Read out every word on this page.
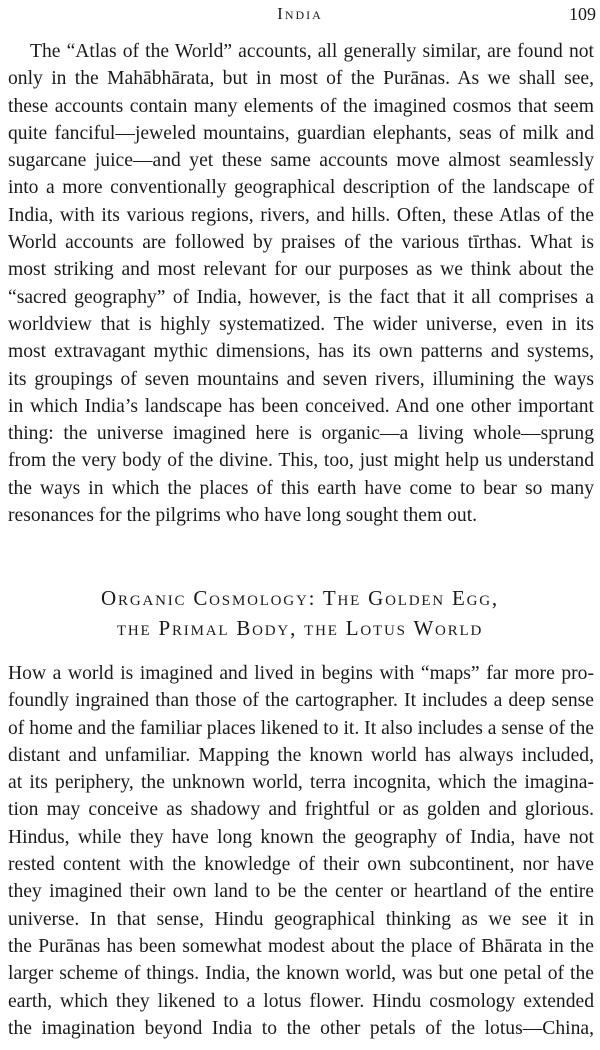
India	109
The “Atlas of the World” accounts, all generally similar, are found not
only in the Mahābhārata, but in most of the Purānas. As we shall see,
these accounts contain many elements of the imagined cosmos that seem
quite fanciful—jeweled mountains, guardian elephants, seas of milk and
sugarcane juice—and yet these same accounts move almost seamlessly
into a more conventionally geographical description of the landscape of
India, with its various regions, rivers, and hills. Often, these Atlas of the
World accounts are followed by praises of the various tīrthas. What is
most striking and most relevant for our purposes as we think about the
“sacred geography” of India, however, is the fact that it all comprises a
worldview that is highly systematized. The wider universe, even in its
most extravagant mythic dimensions, has its own patterns and systems,
its groupings of seven mountains and seven rivers, illumining the ways
in which India’s landscape has been conceived. And one other important
thing: the universe imagined here is organic—a living whole—sprung
from the very body of the divine. This, too, just might help us understand
the ways in which the places of this earth have come to bear so many
resonances for the pilgrims who have long sought them out.
Organic Cosmology: The Golden Egg,
the Primal Body, the Lotus World
How a world is imagined and lived in begins with “maps” far more pro-
foundly ingrained than those of the cartographer. It includes a deep sense
of home and the familiar places likened to it. It also includes a sense of the
distant and unfamiliar. Mapping the known world has always included,
at its periphery, the unknown world, terra incognita, which the imagina-
tion may conceive as shadowy and frightful or as golden and glorious.
Hindus, while they have long known the geography of India, have not
rested content with the knowledge of their own subcontinent, nor have
they imagined their own land to be the center or heartland of the entire
universe. In that sense, Hindu geographical thinking as we see it in
the Purānas has been somewhat modest about the place of Bhārata in the
larger scheme of things. India, the known world, was but one petal of the
earth, which they likened to a lotus flower. Hindu cosmology extended
the imagination beyond India to the other petals of the lotus—China,
